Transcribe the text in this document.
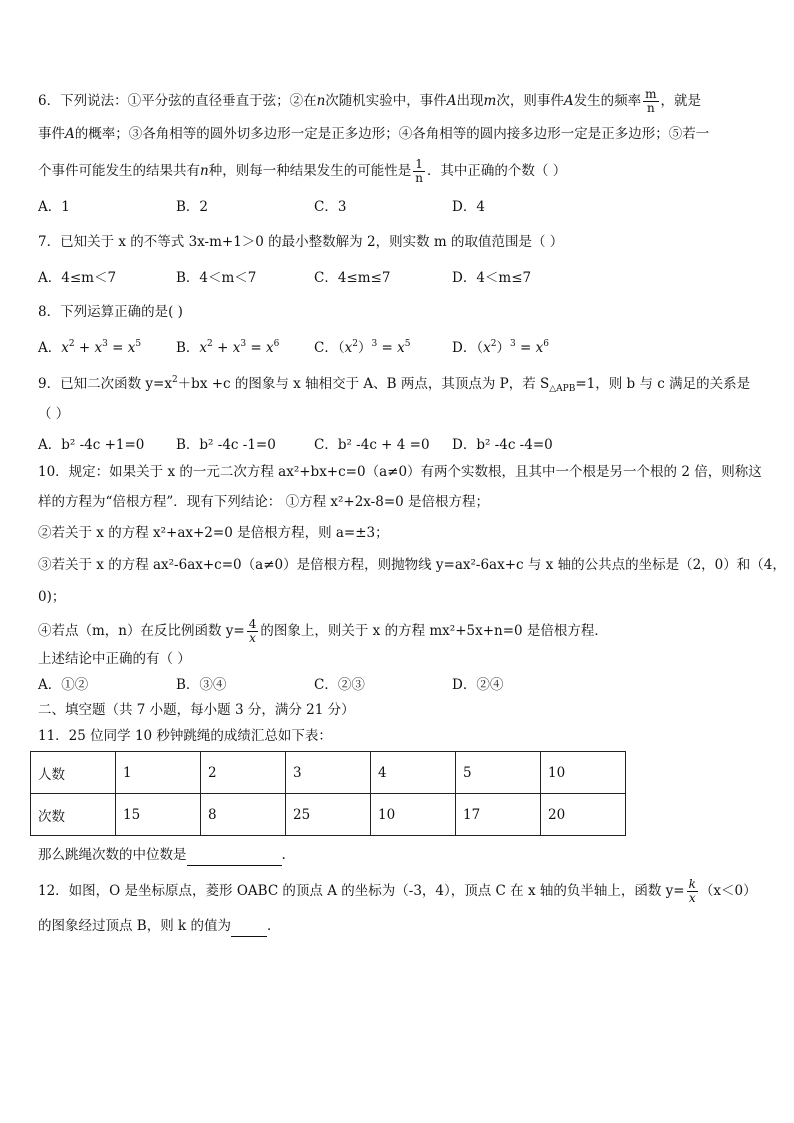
6．下列说法：①平分弦的直径垂直于弦；②在n次随机实验中，事件A出现m次，则事件A发生的频率 $\frac{m}{n}$ ，就是
事件A的概率；③各角相等的圆外切多边形一定是正多边形；④各角相等的圆内接多边形一定是正多边形；⑤若一
个事件可能发生的结果共有n种，则每一种结果发生的可能性是 $\frac{1}{n}$ ．其中正确的个数（ ）
A．1	B．2	C．3	D．4
7．已知关于 x 的不等式 3x-m+1＞0 的最小整数解为 2，则实数 m 的取值范围是（ ）
A．4≤m＜7	B．4＜m＜7	C．4≤m≤7	D．4＜m≤7
8．下列运算正确的是( )
A．$x^2 + x^3 = x^5$	B．$x^2 + x^3 = x^6$	C．$(x^2)^3 = x^5$	D．$(x^2)^3 = x^6$
9．已知二次函数 $y=x^2+bx +c$ 的图象与 x 轴相交于 A、B 两点，其顶点为 P，若 $S_{\triangle APB}=1$，则 b 与 c 满足的关系是
（ ）
A．b² -4c +1=0 B．b² -4c -1=0	C．b² -4c + 4 =0 D．b² -4c -4=0
10．规定：如果关于 x 的一元二次方程 ax²+bx+c=0（a≠0）有两个实数根，且其中一个根是另一个根的 2 倍，则称这
样的方程为“倍根方程”．现有下列结论： ①方程 x²+2x-8=0 是倍根方程；
②若关于 x 的方程 x²+ax+2=0 是倍根方程，则 a=±3；
③若关于 x 的方程 ax²-6ax+c=0（a≠0）是倍根方程，则抛物线 y=ax²-6ax+c 与 x 轴的公共点的坐标是（2，0）和（4，
0)；
④若点（m，n）在反比例函数 $y= \frac{4}{x}$ 的图象上，则关于 x 的方程 mx²+5x+n=0 是倍根方程．
上述结论中正确的有（ ）
A．①②	B．③④	C．②③	D．②④
二、填空题（共 7 小题，每小题 3 分，满分 21 分）
11．25 位同学 10 秒钟跳绳的成绩汇总如下表：
人数	1	2	3	4	5	10
次数	15	8	25	10	17	20
那么跳绳次数的中位数是	.
12．如图，O 是坐标原点，菱形 OABC 的顶点 A 的坐标为（-3，4），顶点 C 在 x 轴的负半轴上，函数 $y= \frac{k}{x} (x<0)$
的图象经过顶点 B，则 k 的值为	．
